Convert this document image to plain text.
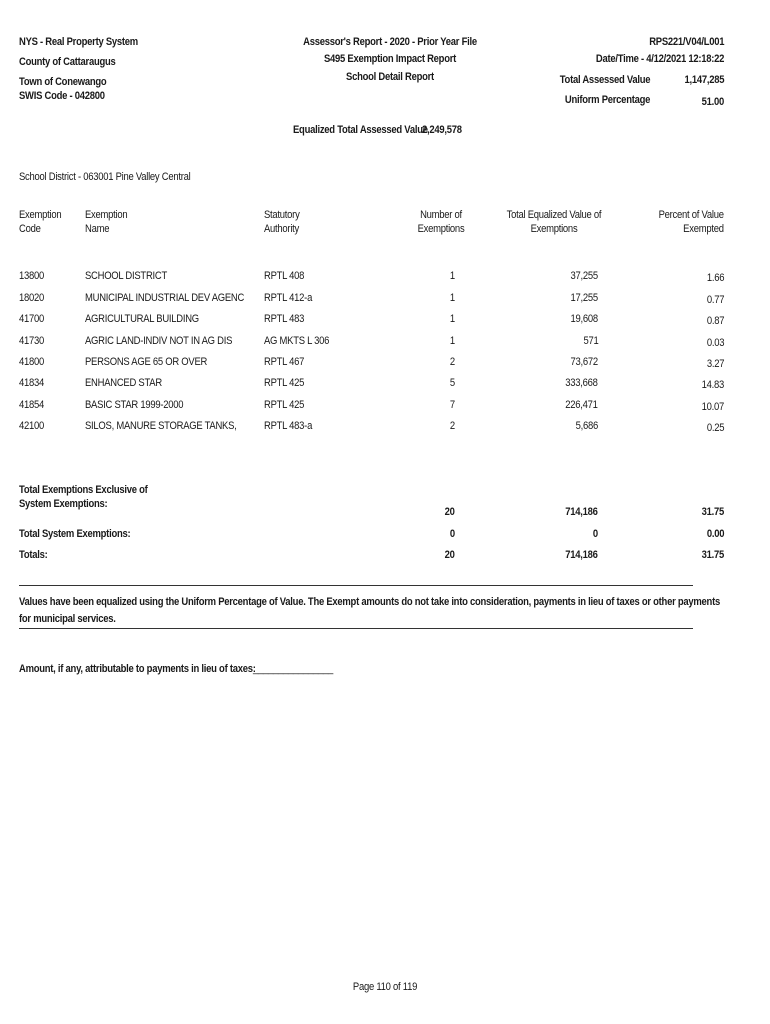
NYS - Real Property System
County of Cattaraugus
Town of Conewango
SWIS Code - 042800
Assessor's Report - 2020 - Prior Year File
S495 Exemption Impact Report
School Detail Report
RPS221/V04/L001
Date/Time - 4/12/2021 12:18:22
Total Assessed Value	1,147,285
Uniform Percentage	51.00
Equalized Total Assessed Value
2,249,578
School District - 063001 Pine Valley Central
Exemption
Code
Exemption
Name
Statutory
Authority
Number of
Exemptions
Total Equalized Value of
Exemptions
Percent of Value
Exempted
13800	SCHOOL DISTRICT	RPTL 408	1	37,255	1.66
18020	MUNICIPAL INDUSTRIAL DEV AGENC RPTL 412-a	1	17,255	0.77
41700	AGRICULTURAL BUILDING	RPTL 483	1	19,608	0.87
41730	AGRIC LAND-INDIV NOT IN AG DIS	AG MKTS L 306	1	571	0.03
41800	PERSONS AGE 65 OR OVER	RPTL 467	2	73,672	3.27
41834	ENHANCED STAR	RPTL 425	5	333,668	14.83
41854	BASIC STAR 1999-2000	RPTL 425	7	226,471	10.07
42100	SILOS, MANURE STORAGE TANKS, RPTL 483-a	2	5,686	0.25
Total Exemptions Exclusive of
System Exemptions:
20	714,186	31.75
Total System Exemptions:	0	0	0.00
Totals:	20	714,186	31.75
Values have been equalized using the Uniform Percentage of Value. The Exempt amounts do not take into consideration, payments in lieu of taxes or other payments
for municipal services.
Amount, if any, attributable to payments in lieu of taxes:
________________
Page 110 of 119
